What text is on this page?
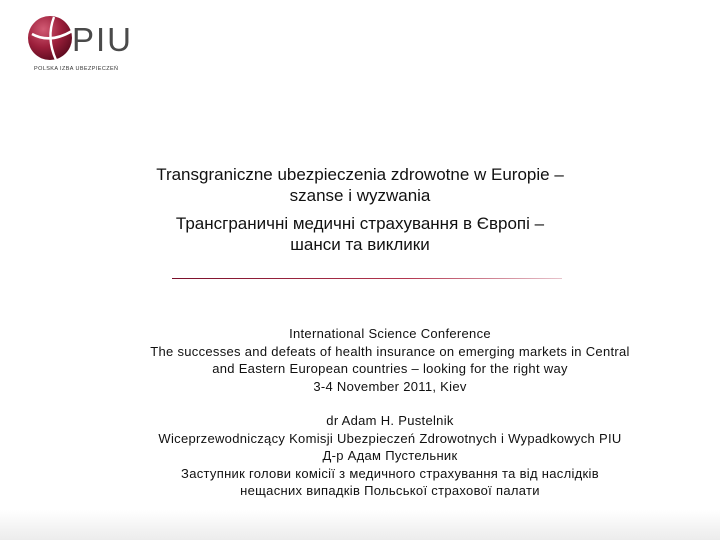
PIU
POLSKA IZBA UBEZPIECZEŃ
Transgraniczne ubezpieczenia zdrowotne w Europie –
szanse i wyzwania
Трансграничні медичні страхування в Європі –
шанси та виклики
International Science Conference
The successes and defeats of health insurance on emerging markets in Central
and Eastern European countries – looking for the right way
3-4 November 2011, Kiev
dr Adam H. Pustelnik
Wiceprzewodniczący Komisji Ubezpieczeń Zdrowotnych i Wypadkowych PIU
Д-р Адам Пустельник
Заступник голови комісії з медичного страхування та від наслідків
нещасних випадків Польської страхової палати
